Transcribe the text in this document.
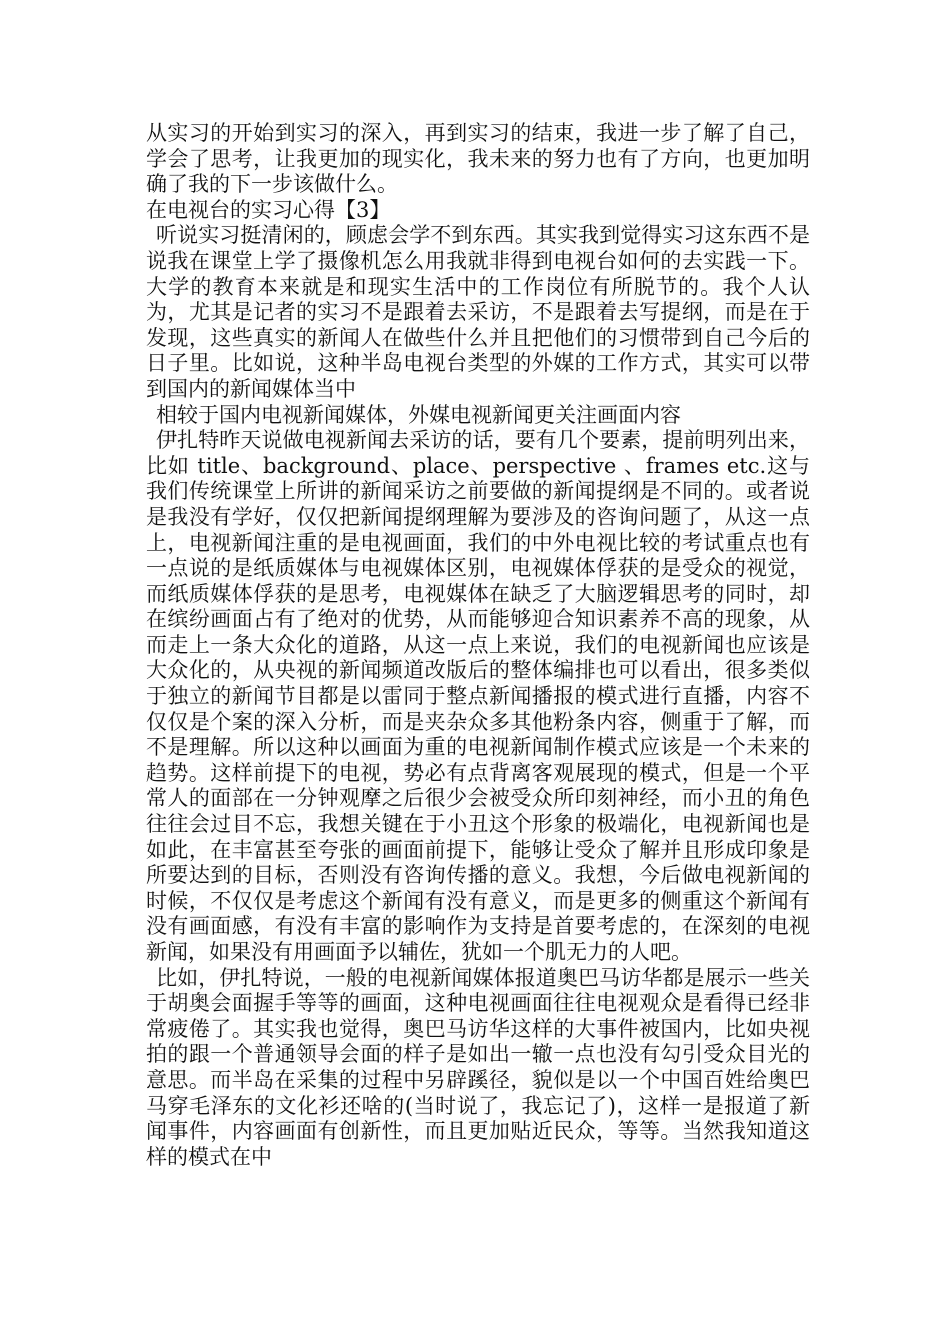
从实习的开始到实习的深入，再到实习的结束，我进一步了解了自己，学会了思考，让我更加的现实化，我未来的努力也有了方向，也更加明确了我的下一步该做什么。

在电视台的实习心得【3】

听说实习挺清闲的，顾虑会学不到东西。其实我到觉得实习这东西不是说我在课堂上学了摄像机怎么用我就非得到电视台如何的去实践一下。大学的教育本来就是和现实生活中的工作岗位有所脱节的。我个人认为，尤其是记者的实习不是跟着去采访，不是跟着去写提纲，而是在于发现，这些真实的新闻人在做些什么并且把他们的习惯带到自己今后的日子里。比如说，这种半岛电视台类型的外媒的工作方式，其实可以带到国内的新闻媒体当中

相较于国内电视新闻媒体，外媒电视新闻更关注画面内容

伊扎特昨天说做电视新闻去采访的话，要有几个要素，提前明列出来，比如 title、background、place、perspective 、frames etc.这与我们传统课堂上所讲的新闻采访之前要做的新闻提纲是不同的。或者说是我没有学好，仅仅把新闻提纲理解为要涉及的咨询问题了，从这一点上，电视新闻注重的是电视画面，我们的中外电视比较的考试重点也有一点说的是纸质媒体与电视媒体区别，电视媒体俘获的是受众的视觉，而纸质媒体俘获的是思考，电视媒体在缺乏了大脑逻辑思考的同时，却在缤纷画面占有了绝对的优势，从而能够迎合知识素养不高的现象，从而走上一条大众化的道路，从这一点上来说，我们的电视新闻也应该是大众化的，从央视的新闻频道改版后的整体编排也可以看出，很多类似于独立的新闻节目都是以雷同于整点新闻播报的模式进行直播，内容不仅仅是个案的深入分析，而是夹杂众多其他粉条内容，侧重于了解，而不是理解。所以这种以画面为重的电视新闻制作模式应该是一个未来的趋势。这样前提下的电视，势必有点背离客观展现的模式，但是一个平常人的面部在一分钟观摩之后很少会被受众所印刻神经，而小丑的角色往往会过目不忘，我想关键在于小丑这个形象的极端化，电视新闻也是如此，在丰富甚至夸张的画面前提下，能够让受众了解并且形成印象是所要达到的目标，否则没有咨询传播的意义。我想，今后做电视新闻的时候，不仅仅是考虑这个新闻有没有意义，而是更多的侧重这个新闻有没有画面感，有没有丰富的影响作为支持是首要考虑的，在深刻的电视新闻，如果没有用画面予以辅佐，犹如一个肌无力的人吧。

比如，伊扎特说，一般的电视新闻媒体报道奥巴马访华都是展示一些关于胡奥会面握手等等的画面，这种电视画面往往电视观众是看得已经非常疲倦了。其实我也觉得，奥巴马访华这样的大事件被国内，比如央视拍的跟一个普通领导会面的样子是如出一辙一点也没有勾引受众目光的意思。而半岛在采集的过程中另辟蹊径，貌似是以一个中国百姓给奥巴马穿毛泽东的文化衫还啥的(当时说了，我忘记了)，这样一是报道了新闻事件，内容画面有创新性，而且更加贴近民众，等等。当然我知道这样的模式在中
